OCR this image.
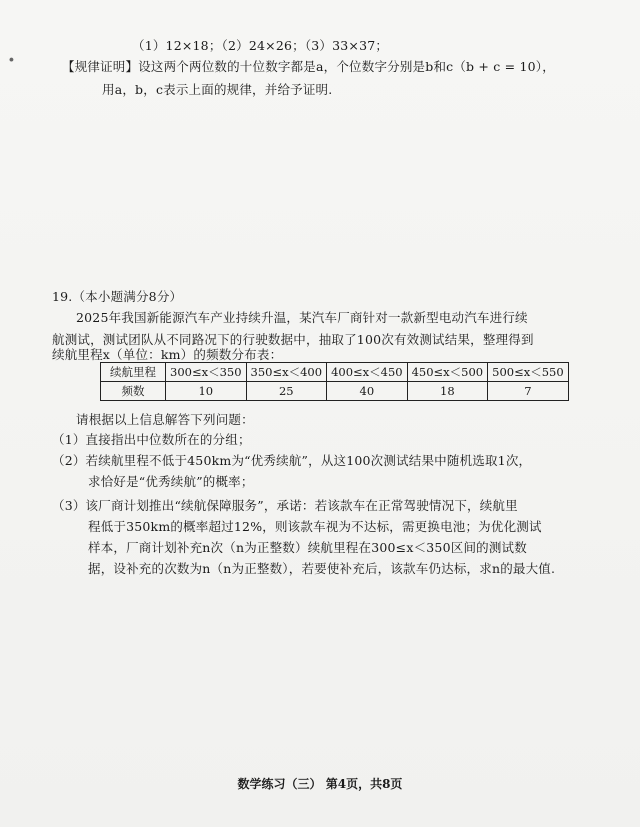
∙
（1）12×18；（2）24×26；（3）33×37；
【规律证明】设这两个两位数的十位数字都是a，个位数字分别是b和c（b + c = 10），
用a，b，c表示上面的规律，并给予证明.
19.（本小题满分8分）
2025年我国新能源汽车产业持续升温，某汽车厂商针对一款新型电动汽车进行续
航测试，测试团队从不同路况下的行驶数据中，抽取了100次有效测试结果，整理得到
续航里程x（单位：km）的频数分布表：
续航里程	300≤x＜350	350≤x＜400	400≤x＜450	450≤x＜500	500≤x＜550
频数	10	25	40	18	7
请根据以上信息解答下列问题：
（1）直接指出中位数所在的分组；
（2）若续航里程不低于450km为“优秀续航”，从这100次测试结果中随机选取1次，
求恰好是“优秀续航”的概率；
（3）该厂商计划推出“续航保障服务”，承诺：若该款车在正常驾驶情况下，续航里
程低于350km的概率超过12%，则该款车视为不达标，需更换电池；为优化测试
样本，厂商计划补充n次（n为正整数）续航里程在300≤x＜350区间的测试数
据，设补充的次数为n（n为正整数），若要使补充后，该款车仍达标，求n的最大值.
数学练习（三） 第4页，共8页
